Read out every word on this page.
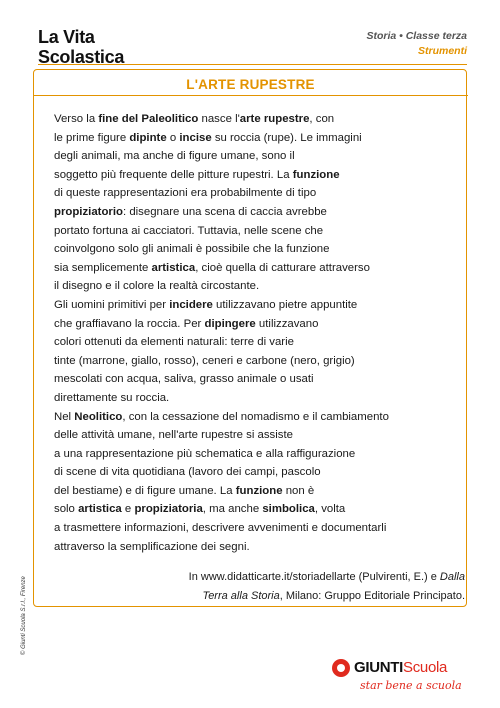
La Vita
Scolastica
Storia • Classe terza
Strumenti
L'ARTE RUPESTRE
Verso la fine del Paleolitico nasce l'arte rupestre, con
le prime figure dipinte o incise su roccia (rupe). Le immagini
degli animali, ma anche di figure umane, sono il
soggetto più frequente delle pitture rupestri. La funzione
di queste rappresentazioni era probabilmente di tipo
propiziatorio: disegnare una scena di caccia avrebbe
portato fortuna ai cacciatori. Tuttavia, nelle scene che
coinvolgono solo gli animali è possibile che la funzione
sia semplicemente artistica, cioè quella di catturare attraverso
il disegno e il colore la realtà circostante.
Gli uomini primitivi per incidere utilizzavano pietre appuntite
che graffiavano la roccia. Per dipingere utilizzavano
colori ottenuti da elementi naturali: terre di varie
tinte (marrone, giallo, rosso), ceneri e carbone (nero, grigio)
mescolati con acqua, saliva, grasso animale o usati
direttamente su roccia.
Nel Neolitico, con la cessazione del nomadismo e il cambiamento
delle attività umane, nell'arte rupestre si assiste
a una rappresentazione più schematica e alla raffigurazione
di scene di vita quotidiana (lavoro dei campi, pascolo
del bestiame) e di figure umane. La funzione non è
solo artistica e propiziatoria, ma anche simbolica, volta
a trasmettere informazioni, descrivere avvenimenti e documentarli
attraverso la semplificazione dei segni.
In www.didatticarte.it/storiadellarte (Pulvirenti, E.) e Dalla
Terra alla Storia, Milano: Gruppo Editoriale Principato.
© Giunti Scuola S.r.l., Firenze
GIUNTIScuola
star bene a scuola
